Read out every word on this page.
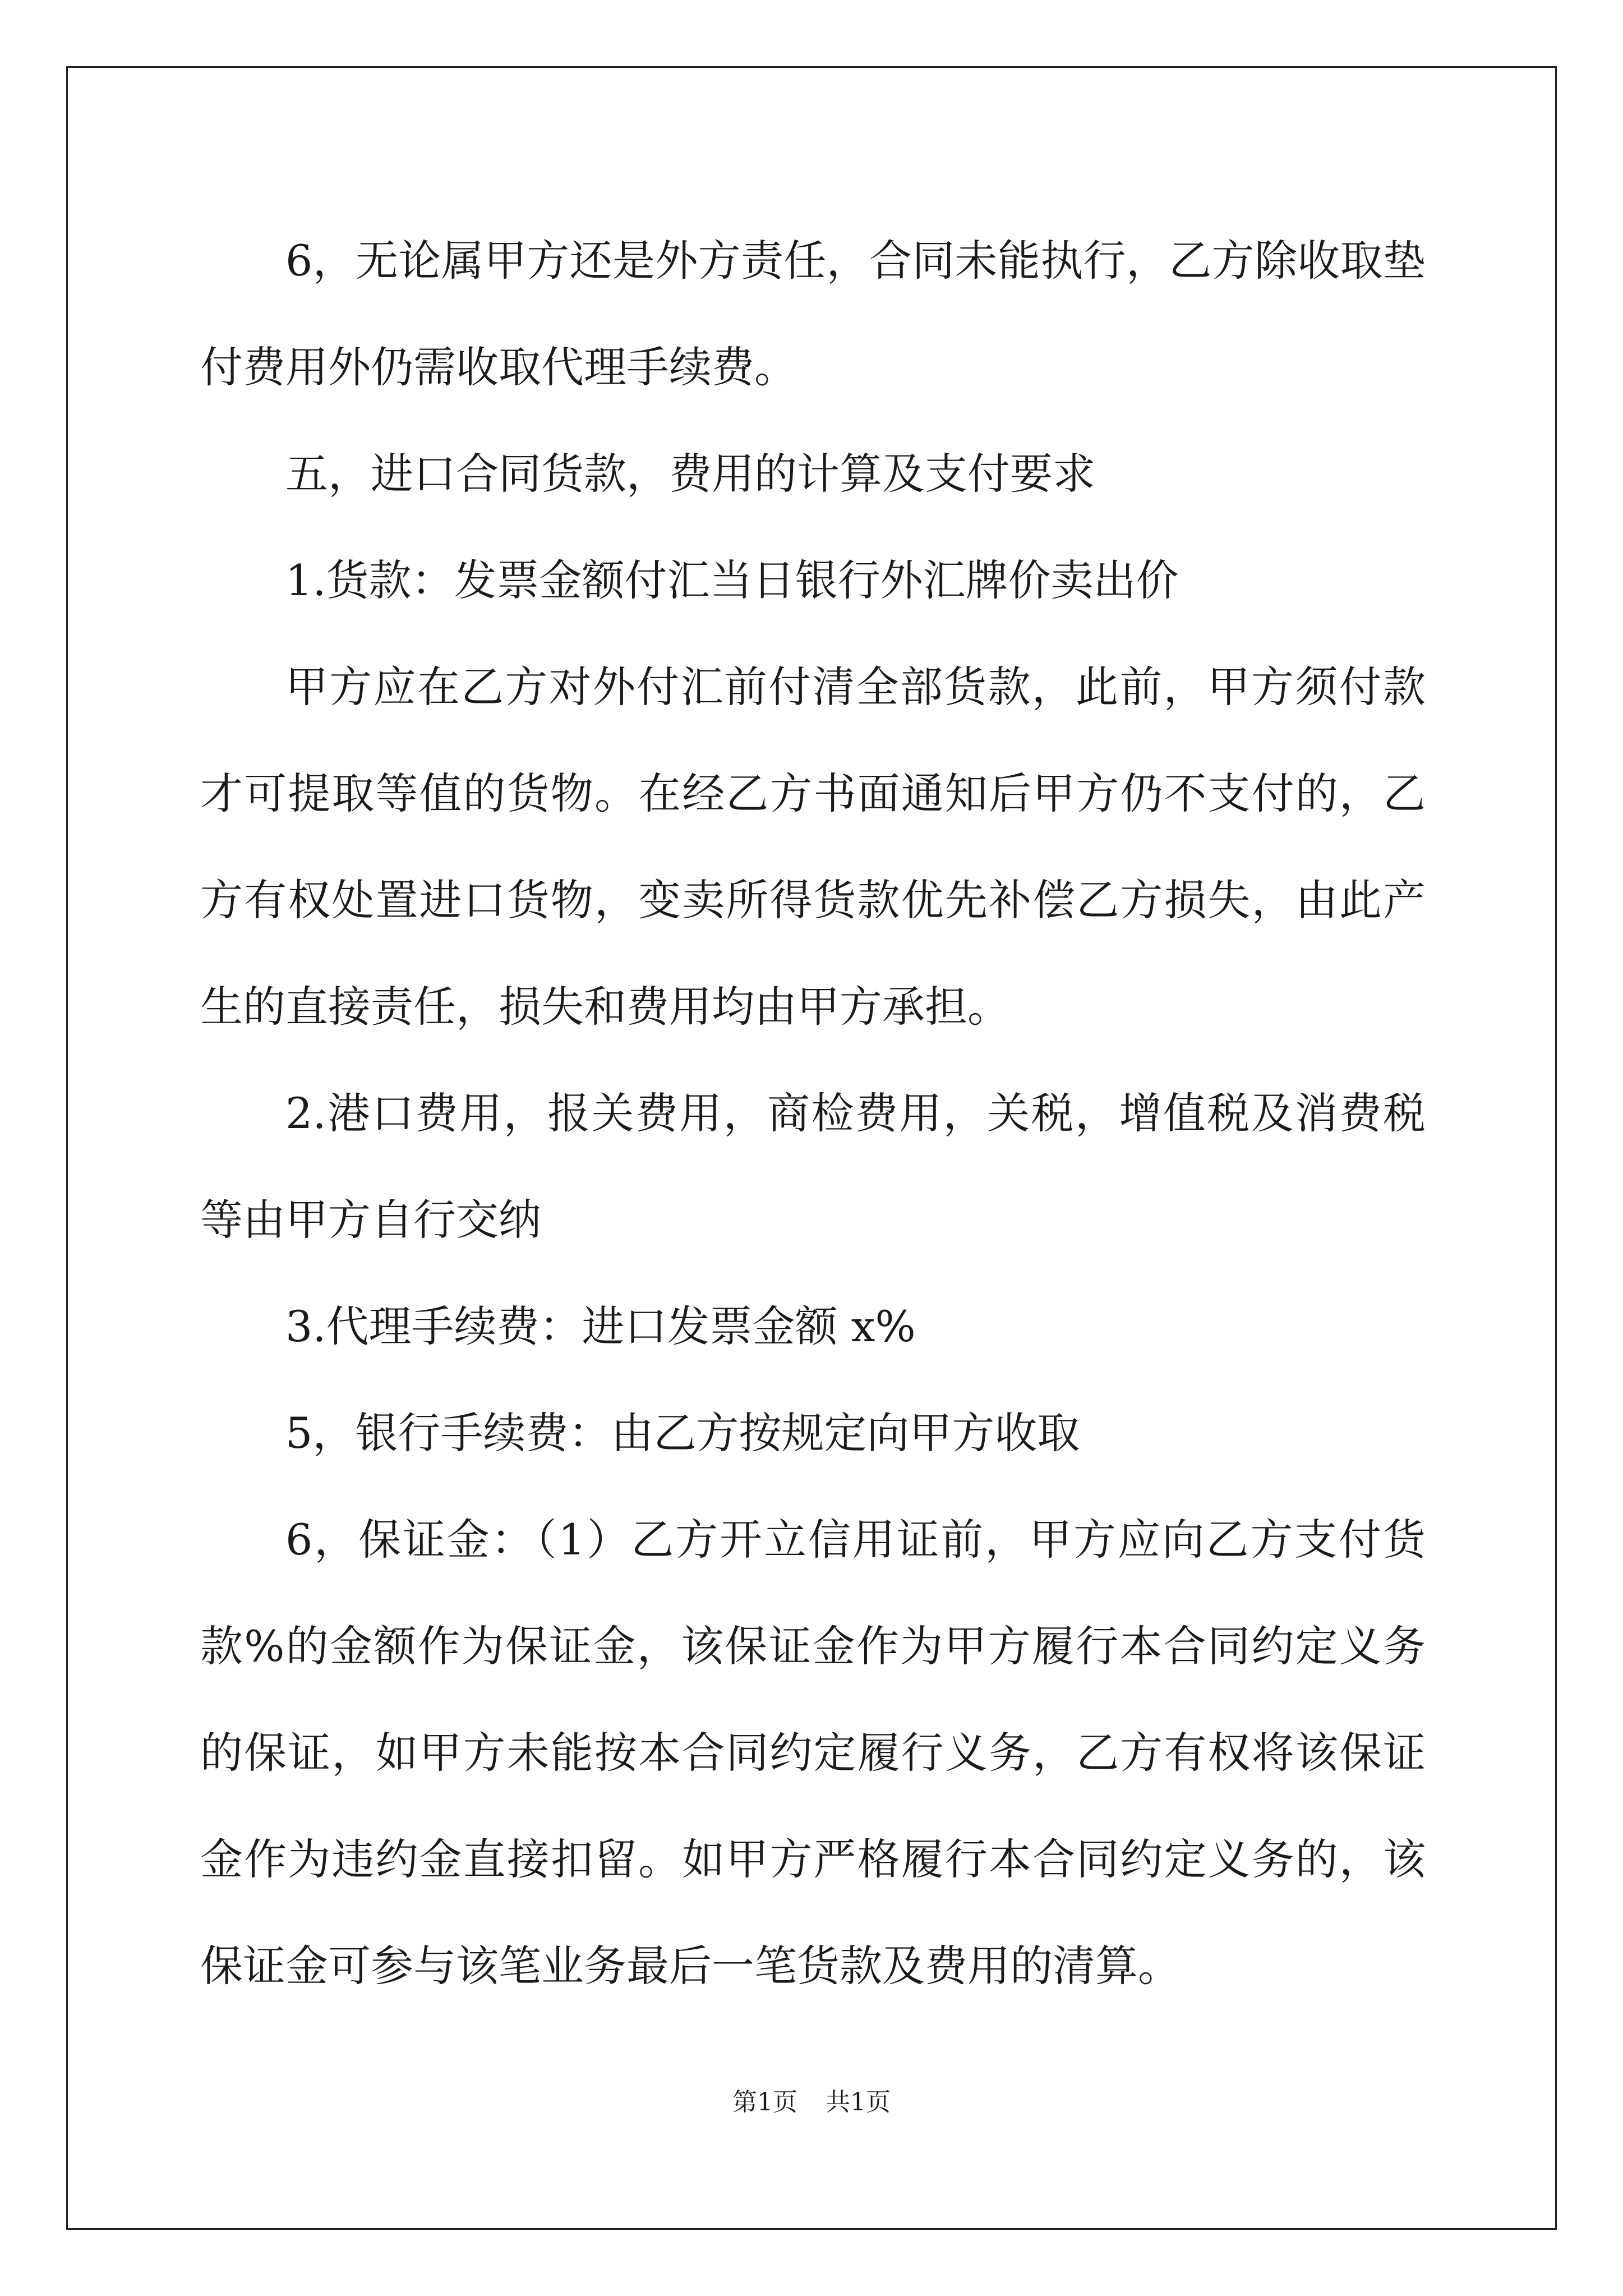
6，无论属甲方还是外方责任，合同未能执行，乙方除收取垫付费用外仍需收取代理手续费。

五，进口合同货款，费用的计算及支付要求

1.货款：发票金额付汇当日银行外汇牌价卖出价

甲方应在乙方对外付汇前付清全部货款，此前，甲方须付款才可提取等值的货物。在经乙方书面通知后甲方仍不支付的，乙方有权处置进口货物，变卖所得货款优先补偿乙方损失，由此产生的直接责任，损失和费用均由甲方承担。

2.港口费用，报关费用，商检费用，关税，增值税及消费税等由甲方自行交纳

3.代理手续费：进口发票金额 x%

5，银行手续费：由乙方按规定向甲方收取

6，保证金：（1）乙方开立信用证前，甲方应向乙方支付货款%的金额作为保证金，该保证金作为甲方履行本合同约定义务的保证，如甲方未能按本合同约定履行义务，乙方有权将该保证金作为违约金直接扣留。如甲方严格履行本合同约定义务的，该保证金可参与该笔业务最后一笔货款及费用的清算。

第1页 共1页
